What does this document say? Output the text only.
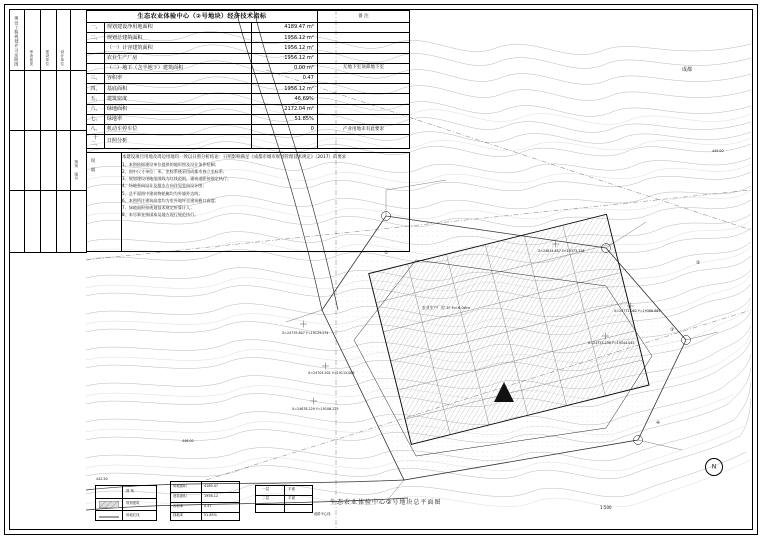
X=24735.807 Y=19129.274
X=24678.229 Y=19106.229
X=24703.501 Y=19115.008
X=24814.657 Y=19373.126
X=24753.238 Y=19344.045
X=24771.062 Y=19366.885
①
②
③
④
农业生产厂房 1F H=6.00m
446.00
449.00
成都
道路中心线
442.50
N
建设工程规划许可证附图	审查意见	建设单位	设计单位
图别 图号
生态农业体验中心（②号地块）经济技术指标			备 注
一、	规划建设净用地面积	4189.47 m²	
二、	规划总建筑面积	1956.12 m²	
	（一）计容建筑面积	1956.12 m²	
	农业生产厂房	1956.12 m²	
	（二）地下（含半地下）建筑面积	0.00 m²	无地下室顶部地下室
三、	容积率	0.47	
四、	基底面积	1956.12 m²	
五、	建筑密度	46.69%	
六、	绿地面积	2172.04 m²	
七、	绿地率	51.85%	
八、	机动车停车位	0	产业用地未有此要求
十二、	日照分析		
说 明
本建设项目用地及周边用地均一致以日照分析结论：日照影响满足《成都市城市规划管理技术规定》（2017）的要求
1、本图依据建设单位提供的地形图及设计条件绘制；
2、图中尺寸单位：米，坐标系统采用成都市独立坐标系；
3、规划建设用地范围线为红线范围，建筑退距按规定执行；
4、场地竖向设计及排水方向详见竖向设计图；
5、总平面图中建筑物轮廓均为外墙外边线；
6、本图所注建筑高度均为室外地坪至建筑檐口高度；
7、绿地面积按规划技术规定折算计入；
8、未尽事宜按国家及地方现行规范执行。
图 例
规划建筑
用地红线
用地面积	4189.47
建筑面积	1956.12
容积率	0.47
绿地率	51.85%
一层	平面
二层	平面
生态农业体验中心②号地块总平面图
1:500
